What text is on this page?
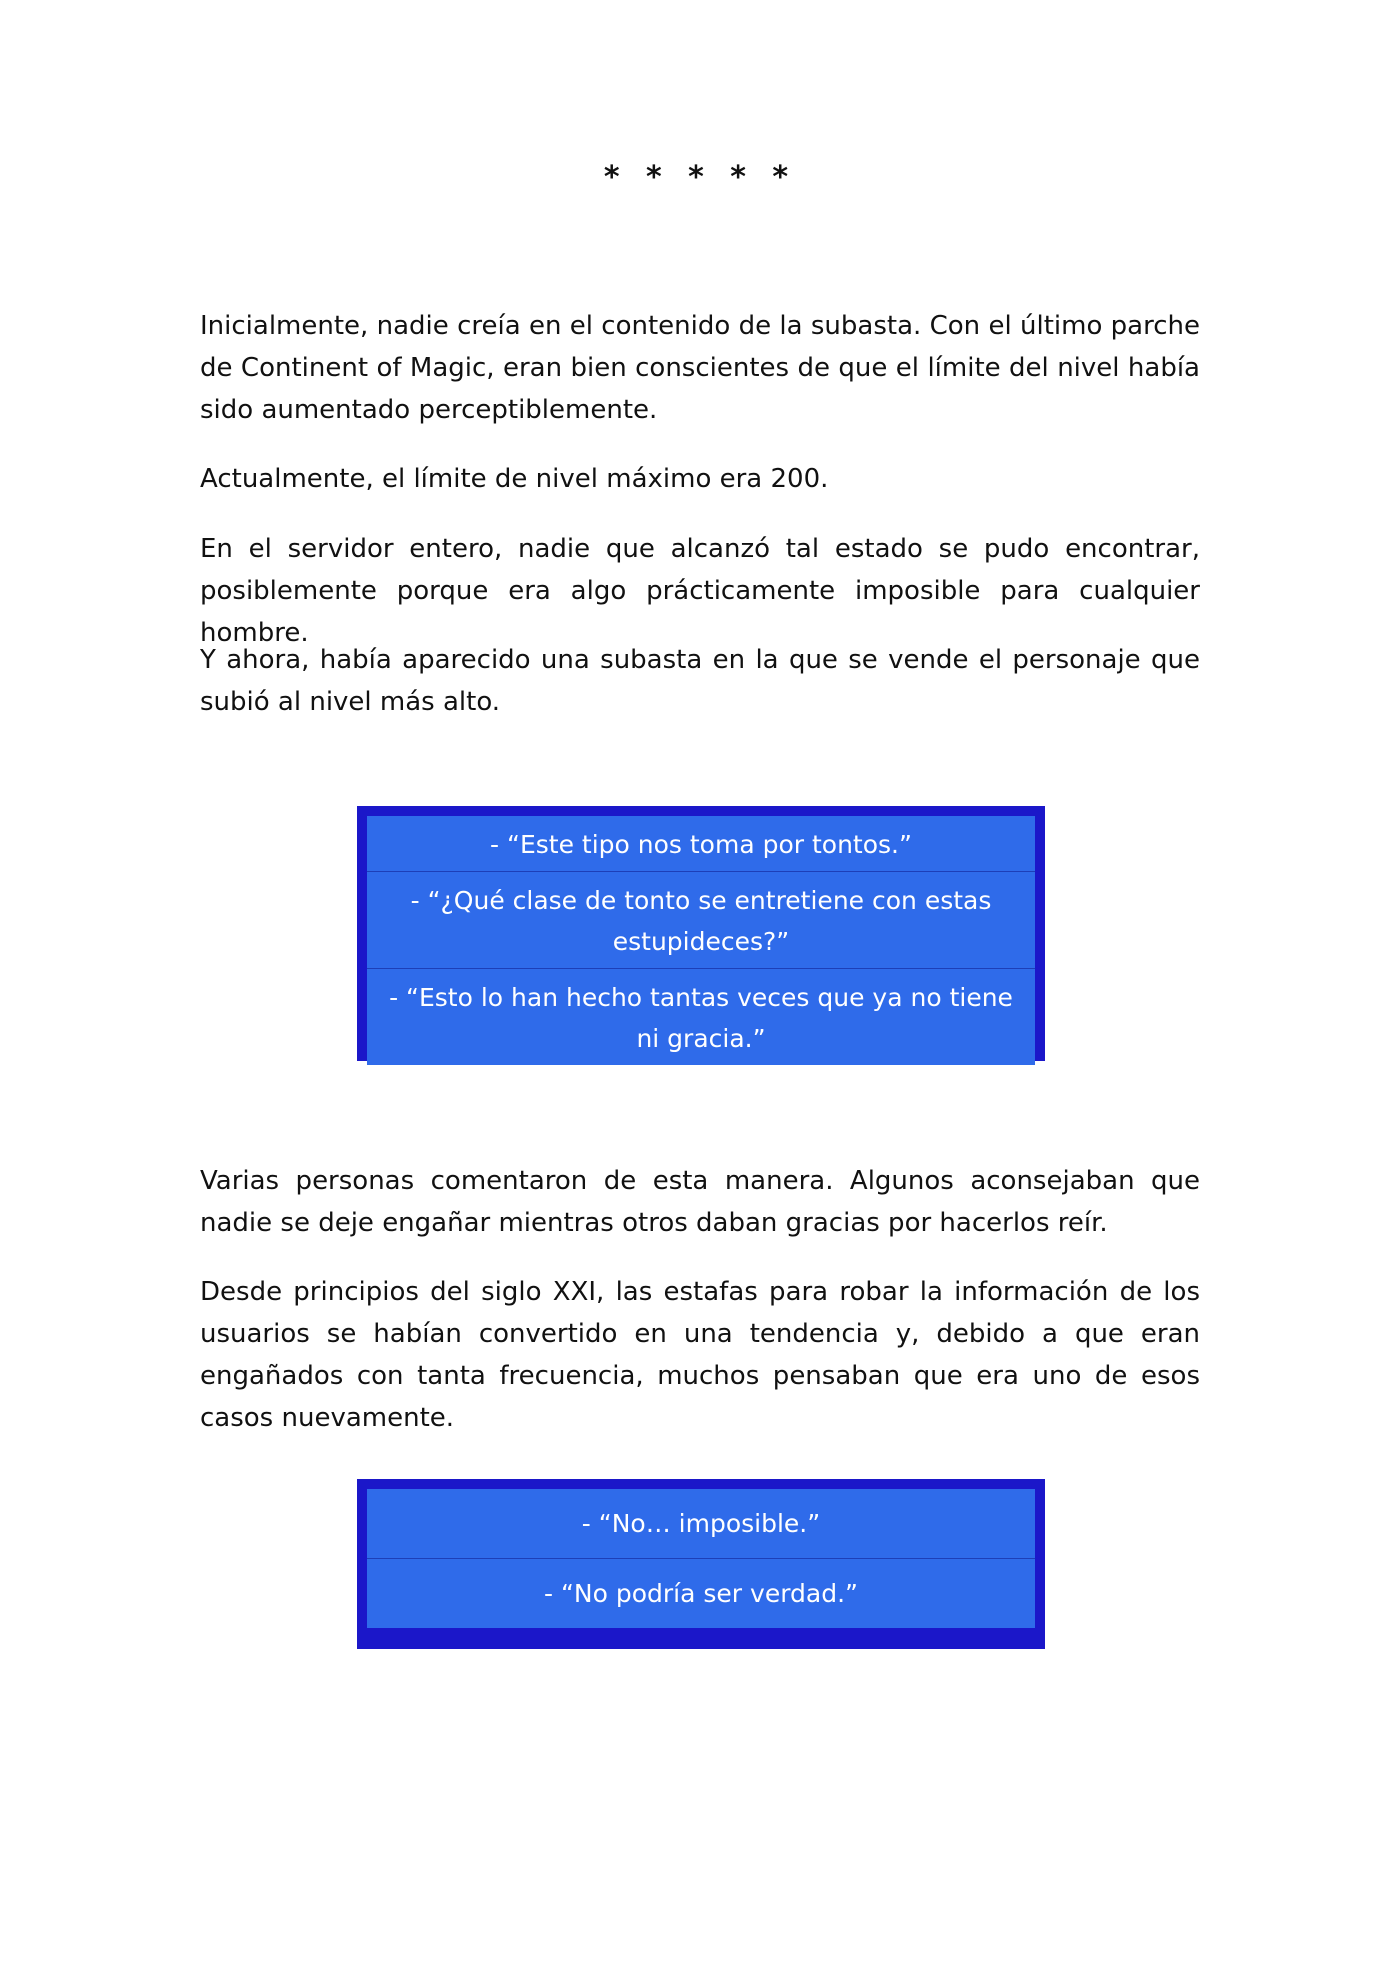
* * * * *

Inicialmente, nadie creía en el contenido de la subasta. Con el último parche de Continent of Magic, eran bien conscientes de que el límite del nivel había sido aumentado perceptiblemente.

Actualmente, el límite de nivel máximo era 200.

En el servidor entero, nadie que alcanzó tal estado se pudo encontrar, posiblemente porque era algo prácticamente imposible para cualquier hombre.

Y ahora, había aparecido una subasta en la que se vende el personaje que subió al nivel más alto.

- “Este tipo nos toma por tontos.”
- “¿Qué clase de tonto se entretiene con estas estupideces?”
- “Esto lo han hecho tantas veces que ya no tiene ni gracia.”

Varias personas comentaron de esta manera. Algunos aconsejaban que nadie se deje engañar mientras otros daban gracias por hacerlos reír.

Desde principios del siglo XXI, las estafas para robar la información de los usuarios se habían convertido en una tendencia y, debido a que eran engañados con tanta frecuencia, muchos pensaban que era uno de esos casos nuevamente.

- “No… imposible.”
- “No podría ser verdad.”
